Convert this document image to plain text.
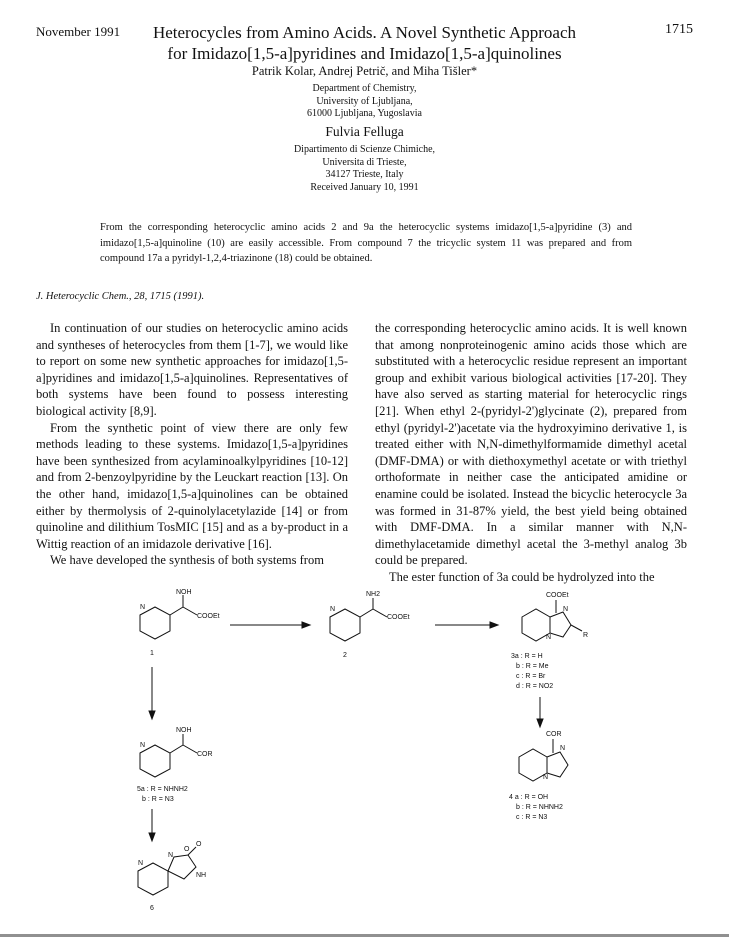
November 1991	1715
Heterocycles from Amino Acids. A Novel Synthetic Approach
for Imidazo[1,5-a]pyridines and Imidazo[1,5-a]quinolines
Patrik Kolar, Andrej Petrič, and Miha Tišler*
Department of Chemistry,
University of Ljubljana,
61000 Ljubljana, Yugoslavia
Fulvia Felluga
Dipartimento di Scienze Chimiche,
Universita di Trieste,
34127 Trieste, Italy
Received January 10, 1991
From the corresponding heterocyclic amino acids 2 and 9a the heterocyclic systems imidazo[1,5-a]pyridine (3) and imidazo[1,5-a]quinoline (10) are easily accessible. From compound 7 the tricyclic system 11 was prepared and from compound 17a a pyridyl-1,2,4-triazinone (18) could be obtained.
J. Heterocyclic Chem., 28, 1715 (1991).

In continuation of our studies on heterocyclic amino acids and syntheses of heterocycles from them [1-7], we would like to report on some new synthetic approaches for imidazo[1,5-a]pyridines and imidazo[1,5-a]quinolines. Representatives of both systems have been found to possess interesting biological activity [8,9].

From the synthetic point of view there are only few methods leading to these systems. Imidazo[1,5-a]pyridines have been synthesized from acylaminoalkylpyridines [10-12] and from 2-benzoylpyridine by the Leuckart reaction [13]. On the other hand, imidazo[1,5-a]quinolines can be obtained either by thermolysis of 2-quinolylacetylazide [14] or from quinoline and dilithium TosMIC [15] and as a by-product in a Wittig reaction of an imidazole derivative [16].

We have developed the synthesis of both systems from

the corresponding heterocyclic amino acids. It is well known that among nonproteinogenic amino acids those which are substituted with a heterocyclic residue represent an important group and exhibit various biological activities [17-20]. They have also served as starting material for heterocyclic rings [21]. When ethyl 2-(pyridyl-2')glycinate (2), prepared from ethyl (pyridyl-2')acetate via the hydroxyimino derivative 1, is treated either with N,N-dimethylformamide dimethyl acetal (DMF-DMA) or with diethoxymethyl acetate or with triethyl orthoformate in neither case the anticipated amidine or enamine could be isolated. Instead the bicyclic heterocycle 3a was formed in 31-87% yield, the best yield being obtained with DMF-DMA. In a similar manner with N,N-dimethylacetamide dimethyl acetal the 3-methyl analog 3b could be prepared.

The ester function of 3a could be hydrolyzed into the

NOH
COOEt
N
1
NH2
COOEt
N
2
COOEt
R
N
N
3a : R = H
b : R = Me
c : R = Br
d : R = NO2
COR
N
N
4 a : R = OH
b : R = NHNH2
c : R = N3
NOH
COR
N
5a : R = NHNH2
b : R = N3
N
N
O
O
NH
6
